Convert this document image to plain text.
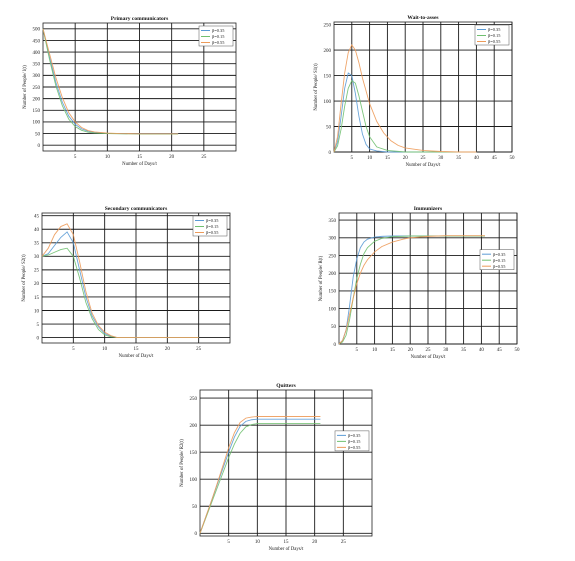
5	10	15	20	25
0
50
100
150
200
250
300
350
400
450
500
Primary communicators
Number of Days/t
Number of People/ I(t)
β=0.35
β=0.15
β=0.55
5	10	15	20	25	30	35	40	45	50
0
50
100
150
200
250
Wait-to-asses
Number of Days/t
Number of People/ S1(t)
β=0.35
β=0.15
β=0.55
5	10	15	20	25
0
5
10
15
20
25
30
35
40
45
Secondary communicators
Number of Days/t
Number of People/ S2(t)
β=0.35
β=0.15
β=0.55
5	10	15	20	25	30	35	40	45	50
0
50
100
150
200
250
300
350
Immunizers
Number of Days/t
Number of People/ R(t)
β=0.35
β=0.15
β=0.55
5	10	15	20	25
0
50
100
150
200
250
Quitters
Number of Days/t
Number of People/ R2(t)
β=0.35
β=0.15
β=0.55
